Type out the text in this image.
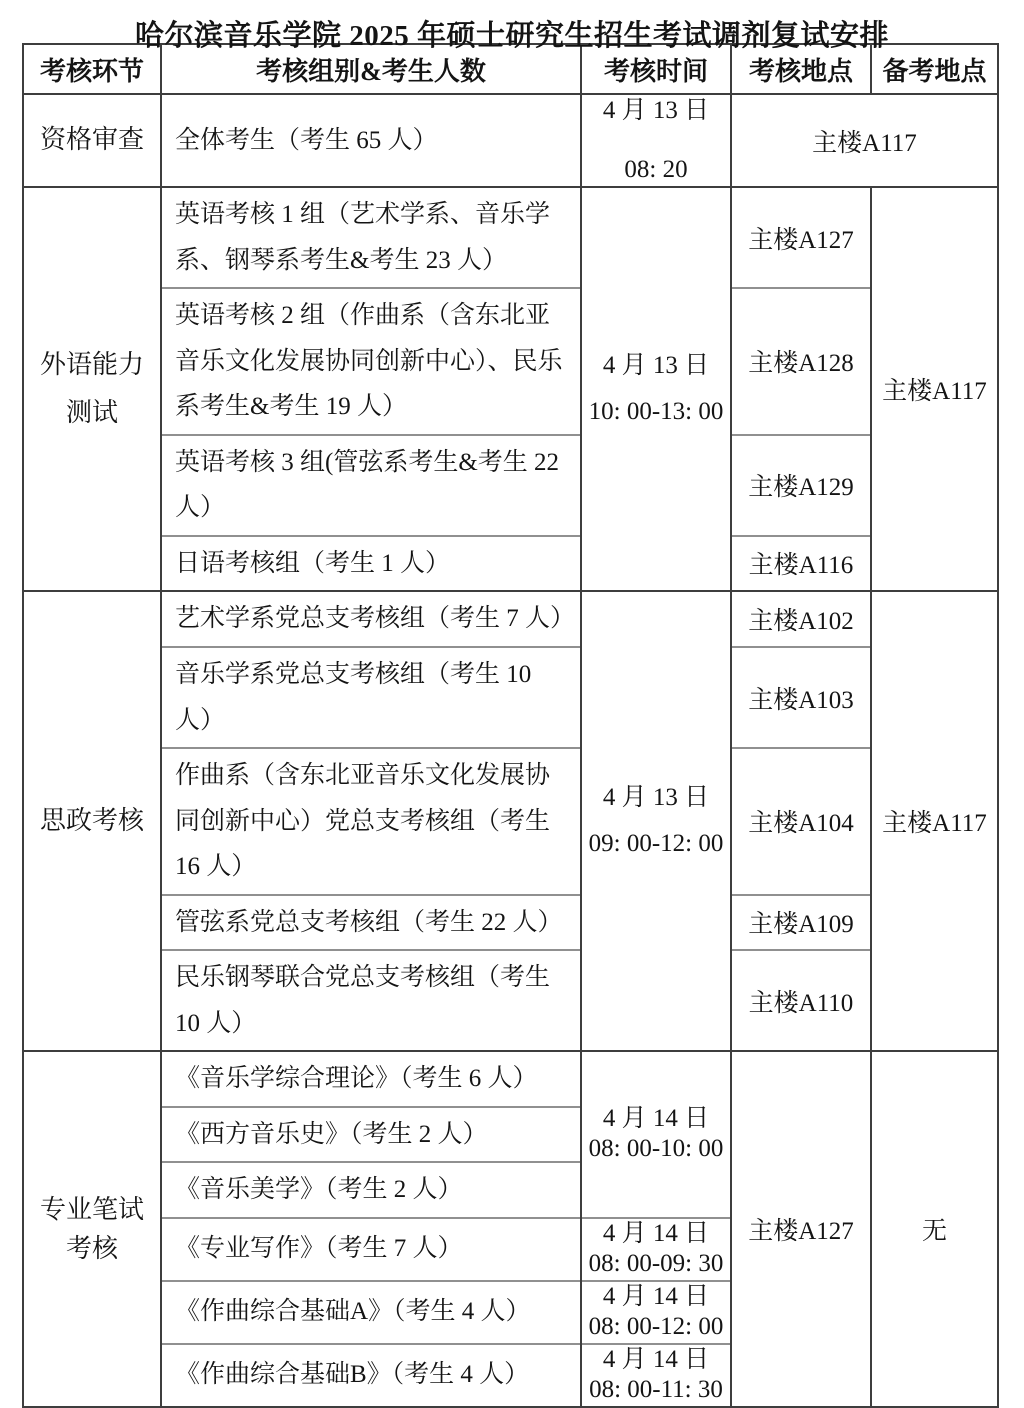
哈尔滨音乐学院 2025 年硕士研究生招生考试调剂复试安排
考核环节	考核组别&考生人数	考核时间	考核地点	备考地点

资格审查	全体考生（考生 65 人）	4 月 13 日
08: 20	主楼A117	

外语能力测试	英语考核 1 组（艺术学系、音乐学系、钢琴系考生&考生 23 人）	4 月 13 日
10: 00-13: 00	主楼A127	主楼A117
	英语考核 2 组（作曲系（含东北亚音乐文化发展协同创新中心）、民乐系考生&考生 19 人）		主楼A128	
	英语考核 3 组(管弦系考生&考生 22 人）		主楼A129	
	日语考核组（考生 1 人）		主楼A116	

思政考核	艺术学系党总支考核组（考生 7 人）	4 月 13 日
09: 00-12: 00	主楼A102	主楼A117
	音乐学系党总支考核组（考生 10 人）		主楼A103	
	作曲系（含东北亚音乐文化发展协同创新中心）党总支考核组（考生 16 人）		主楼A104	
	管弦系党总支考核组（考生 22 人）		主楼A109	
	民乐钢琴联合党总支考核组（考生 10 人）		主楼A110	

专业笔试考核	《音乐学综合理论》（考生 6 人）	4 月 14 日
08: 00-10: 00	主楼A127	无
	《西方音乐史》（考生 2 人）			
	《音乐美学》（考生 2 人）			
	《专业写作》（考生 7 人）	4 月 14 日
08: 00-09: 30		

	《作曲综合基础A》（考生 4 人）	4 月 14 日
08: 00-12: 00		

	《作曲综合基础B》（考生 4 人）	4 月 14 日
08: 00-11: 30		
